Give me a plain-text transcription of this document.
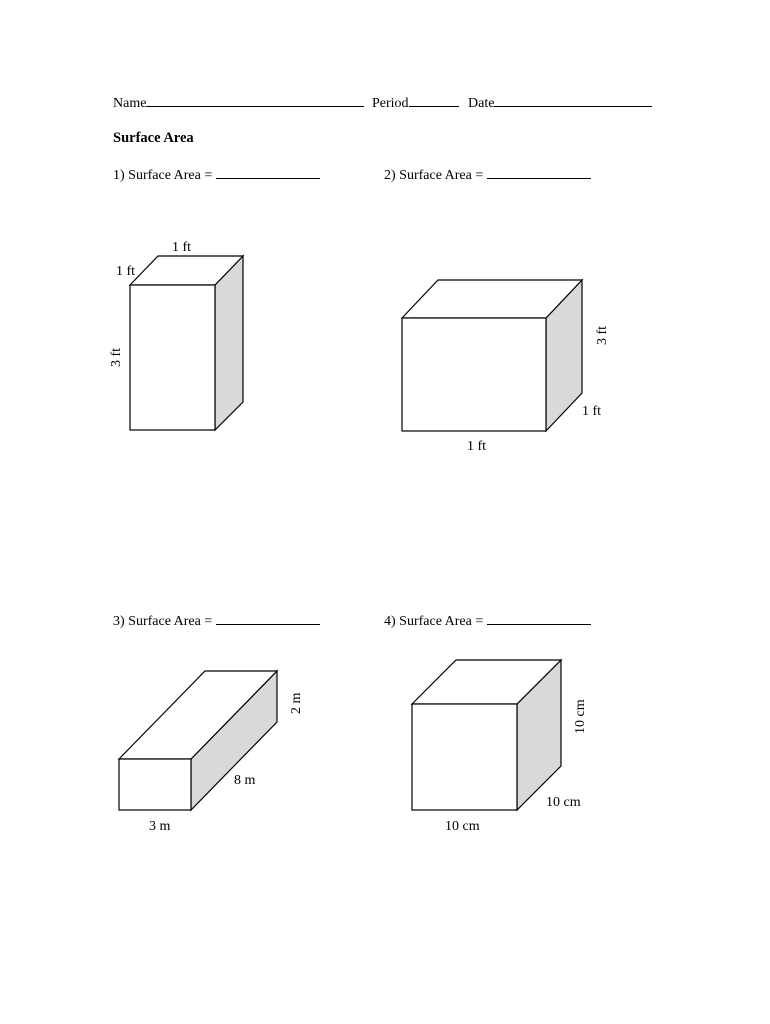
Name	Period	Date
Surface Area
1) Surface Area =	2) Surface Area =
3) Surface Area =	4) Surface Area =
1 ft
1 ft
3 ft
3 ft
1 ft
1 ft
2 m
8 m
3 m
10 cm
10 cm
10 cm
